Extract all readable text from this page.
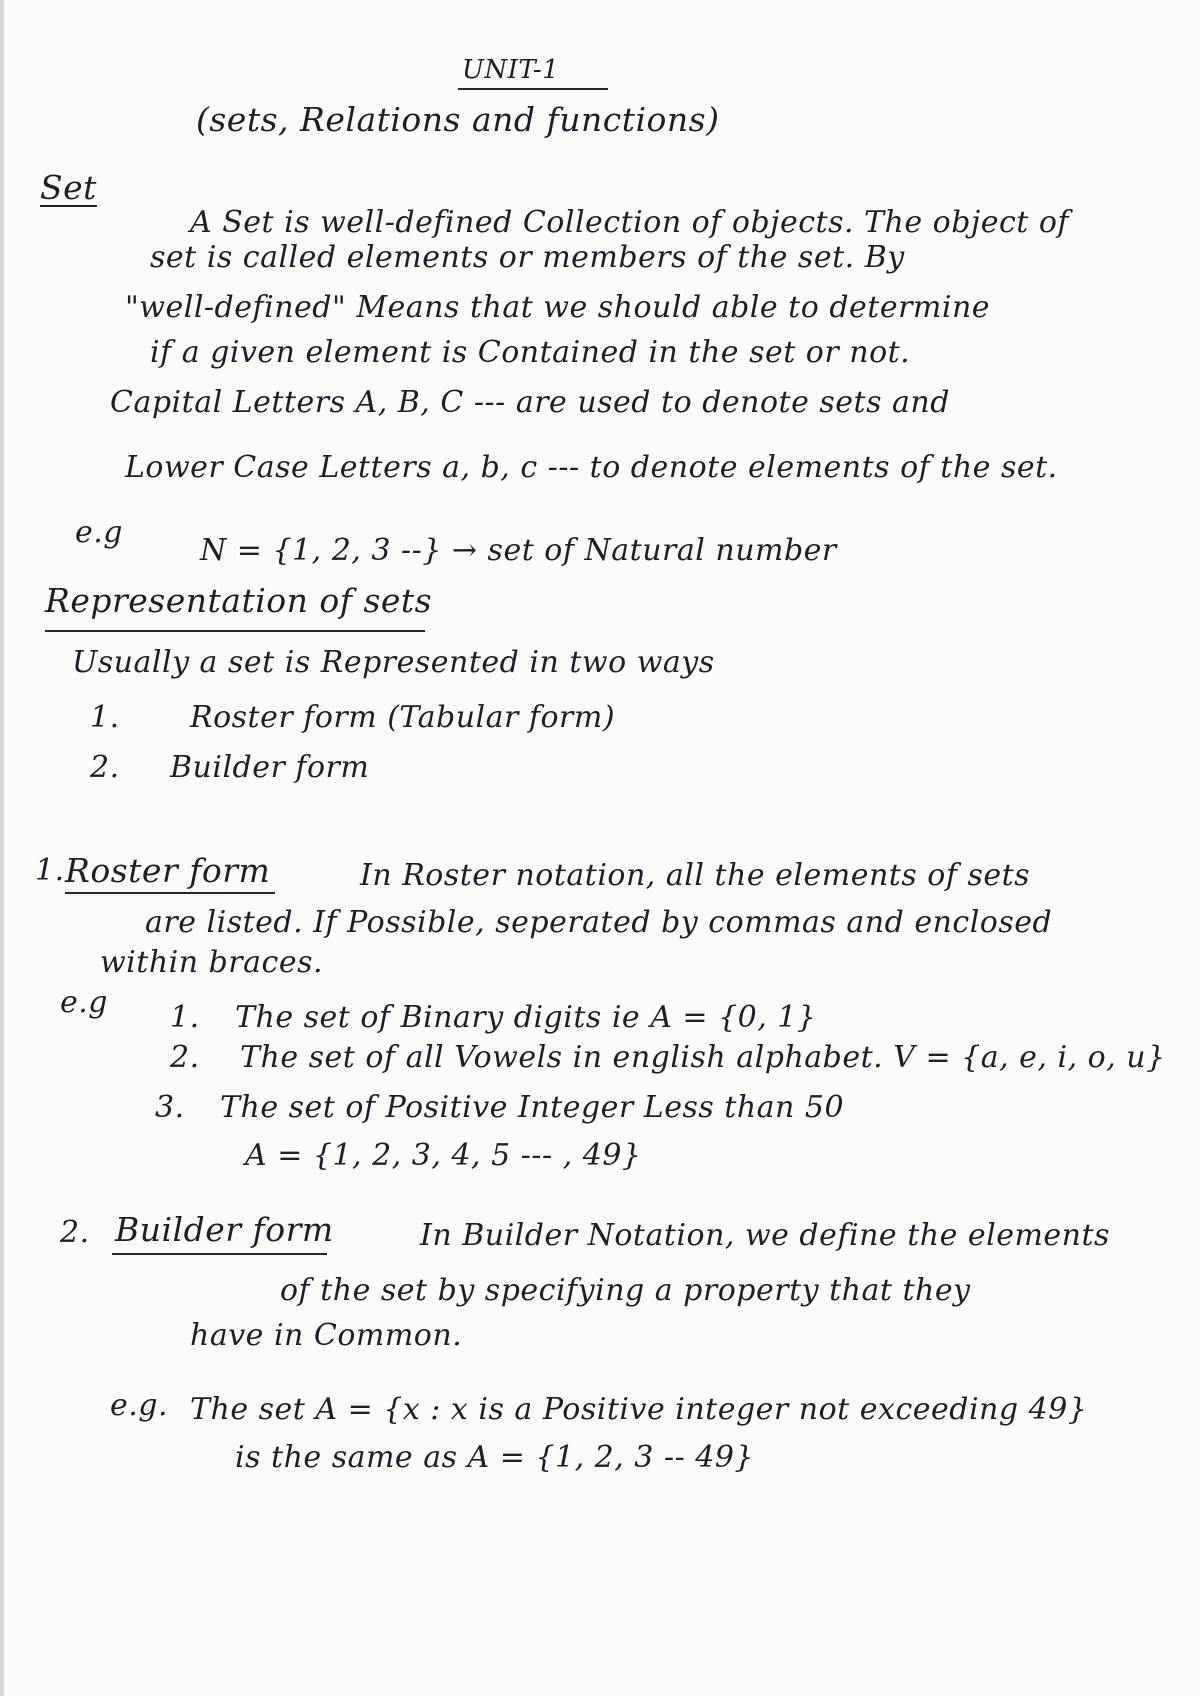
UNIT-1
(sets, Relations and functions)
Set
A Set is well-defined Collection of objects. The object of
set is called elements or members of the set. By
"well-defined" Means that we should able to determine
if a given element is Contained in the set or not.
Capital Letters A, B, C --- are used to denote sets and
Lower Case Letters a, b, c --- to denote elements of the set.
e.g
N = {1, 2, 3 --} → set of Natural number
Representation of sets
Usually a set is Represented in two ways
1. Roster form (Tabular form)
2. Builder form
1. Roster form	In Roster notation, all the elements of sets
are listed. If Possible, seperated by commas and enclosed
within braces.
e.g 1. The set of Binary digits ie A = {0, 1}
2. The set of all Vowels in english alphabet. V = {a, e, i, o, u}
3. The set of Positive Integer Less than 50
A = {1, 2, 3, 4, 5 --- , 49}
2. Builder form	In Builder Notation, we define the elements
of the set by specifying a property that they
have in Common.
e.g. The set A = {x : x is a Positive integer not exceeding 49}
is the same as A = {1, 2, 3 -- 49}
